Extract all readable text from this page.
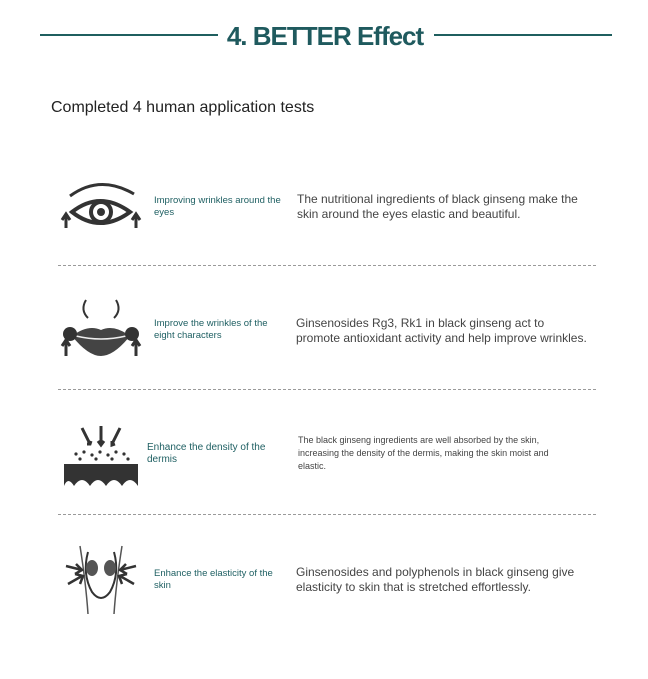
4. BETTER Effect
Completed 4 human application tests
Improving wrinkles around the eyes
The nutritional ingredients of black ginseng make the skin around the eyes elastic and beautiful.
Improve the wrinkles of the eight characters
Ginsenosides Rg3, Rk1 in black ginseng act to promote antioxidant activity and help improve wrinkles.
Enhance the density of the dermis
The black ginseng ingredients are well absorbed by the skin, increasing the density of the dermis, making the skin moist and elastic.
Enhance the elasticity of the skin
Ginsenosides and polyphenols in black ginseng give elasticity to skin that is stretched effortlessly.
